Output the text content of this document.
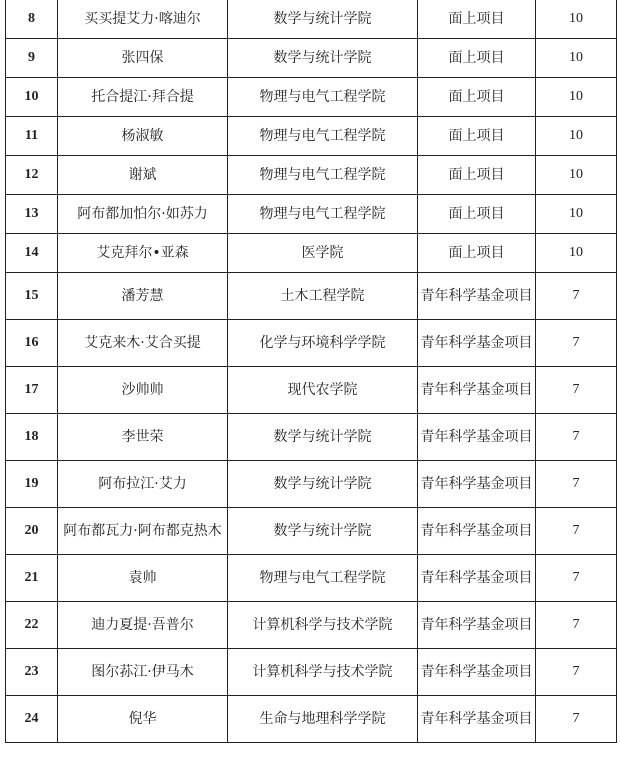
8	买买提艾力·喀迪尔	数学与统计学院	面上项目	10
9	张四保	数学与统计学院	面上项目	10
10	托合提江·拜合提	物理与电气工程学院	面上项目	10
11	杨淑敏	物理与电气工程学院	面上项目	10
12	谢斌	物理与电气工程学院	面上项目	10
13	阿布都加怕尔·如苏力	物理与电气工程学院	面上项目	10
14	艾克拜尔•亚森	医学院	面上项目	10
15	潘芳慧	土木工程学院	青年科学基金项目	7
16	艾克来木·艾合买提	化学与环境科学学院	青年科学基金项目	7
17	沙帅帅	现代农学院	青年科学基金项目	7
18	李世荣	数学与统计学院	青年科学基金项目	7
19	阿布拉江·艾力	数学与统计学院	青年科学基金项目	7
20	阿布都瓦力·阿布都克热木	数学与统计学院	青年科学基金项目	7
21	袁帅	物理与电气工程学院	青年科学基金项目	7
22	迪力夏提·吾普尔	计算机科学与技术学院	青年科学基金项目	7
23	图尔荪江·伊马木	计算机科学与技术学院	青年科学基金项目	7
24	倪华	生命与地理科学学院	青年科学基金项目	7
